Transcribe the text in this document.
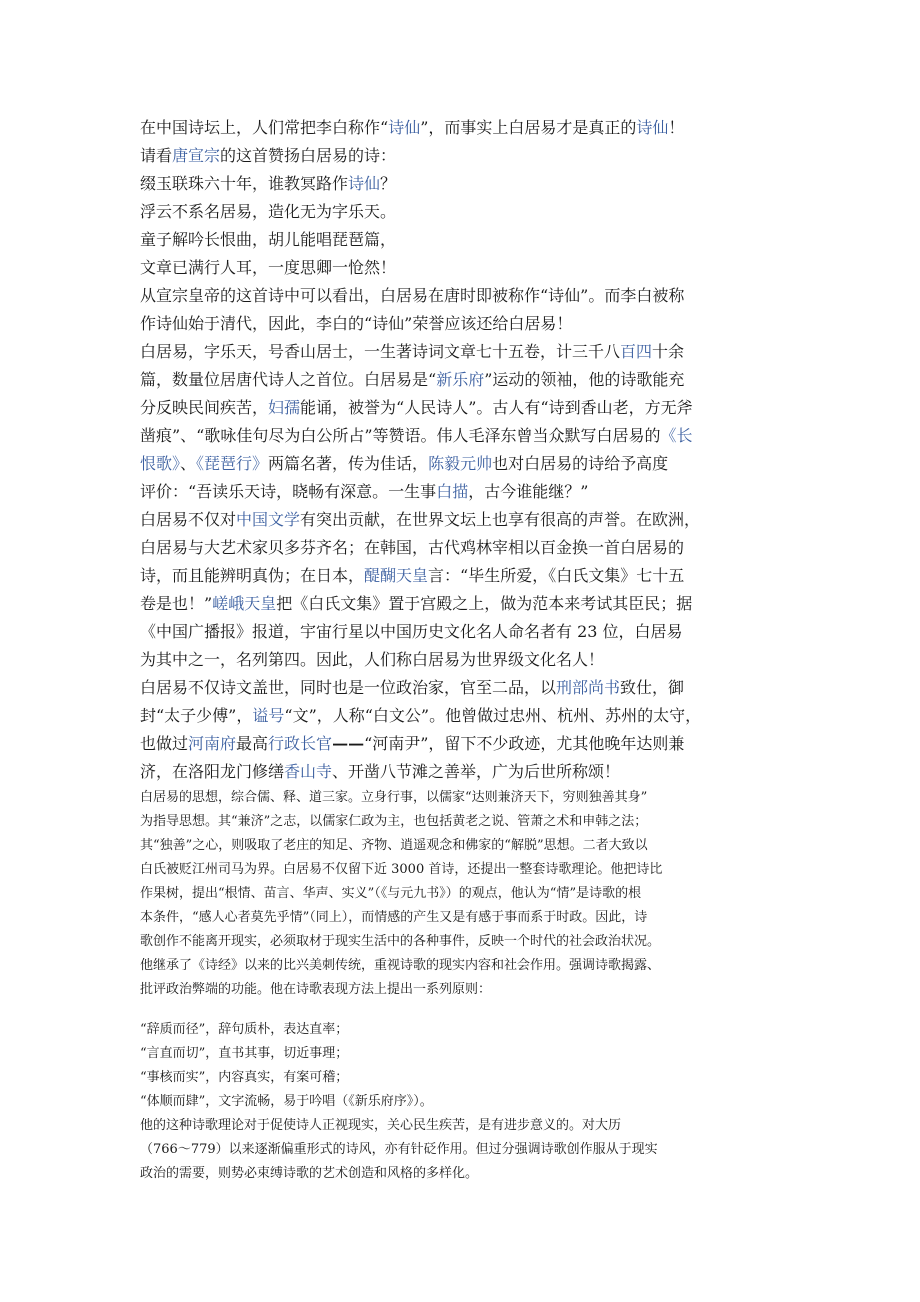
在中国诗坛上，人们常把李白称作“诗仙”，而事实上白居易才是真正的诗仙！
请看唐宣宗的这首赞扬白居易的诗：
缀玉联珠六十年，谁教冥路作诗仙？
浮云不系名居易，造化无为字乐天。
童子解吟长恨曲，胡儿能唱琵琶篇，
文章已满行人耳，一度思卿一怆然！
从宣宗皇帝的这首诗中可以看出，白居易在唐时即被称作“诗仙”。而李白被称
作诗仙始于清代，因此，李白的“诗仙”荣誉应该还给白居易！
白居易，字乐天，号香山居士，一生著诗词文章七十五卷，计三千八百四十余
篇，数量位居唐代诗人之首位。白居易是“新乐府”运动的领袖，他的诗歌能充
分反映民间疾苦，妇孺能诵，被誉为“人民诗人”。古人有“诗到香山老，方无斧
凿痕”、“歌咏佳句尽为白公所占”等赞语。伟人毛泽东曾当众默写白居易的《长
恨歌》、《琵琶行》两篇名著，传为佳话，陈毅元帅也对白居易的诗给予高度
评价：“吾读乐天诗，晓畅有深意。一生事白描，古今谁能继？”
白居易不仅对中国文学有突出贡献，在世界文坛上也享有很高的声誉。在欧洲，
白居易与大艺术家贝多芬齐名；在韩国，古代鸡林宰相以百金换一首白居易的
诗，而且能辨明真伪；在日本，醍醐天皇言：“毕生所爱，《白氏文集》七十五
卷是也！”嵯峨天皇把《白氏文集》置于宫殿之上，做为范本来考试其臣民；据
《中国广播报》报道，宇宙行星以中国历史文化名人命名者有 23 位，白居易
为其中之一，名列第四。因此，人们称白居易为世界级文化名人！
白居易不仅诗文盖世，同时也是一位政治家，官至二品，以刑部尚书致仕，御
封“太子少傅”，谥号“文”，人称“白文公”。他曾做过忠州、杭州、苏州的太守，
也做过河南府最高行政长官——“河南尹”，留下不少政迹，尤其他晚年达则兼
济，在洛阳龙门修缮香山寺、开凿八节滩之善举，广为后世所称颂！
白居易的思想，综合儒、释、道三家。立身行事，以儒家“达则兼济天下，穷则独善其身”
为指导思想。其“兼济”之志，以儒家仁政为主，也包括黄老之说、管萧之术和申韩之法；
其“独善”之心，则吸取了老庄的知足、齐物、逍遥观念和佛家的“解脱”思想。二者大致以
白氏被贬江州司马为界。白居易不仅留下近 3000 首诗，还提出一整套诗歌理论。他把诗比
作果树，提出“根情、苗言、华声、实义”（《与元九书》）的观点，他认为“情”是诗歌的根
本条件，“感人心者莫先乎情”（同上），而情感的产生又是有感于事而系于时政。因此，诗
歌创作不能离开现实，必须取材于现实生活中的各种事件，反映一个时代的社会政治状况。
他继承了《诗经》以来的比兴美刺传统，重视诗歌的现实内容和社会作用。强调诗歌揭露、
批评政治弊端的功能。他在诗歌表现方法上提出一系列原则：
“辞质而径”，辞句质朴，表达直率；
“言直而切”，直书其事，切近事理；
“事核而实”，内容真实，有案可稽；
“体顺而肆”，文字流畅，易于吟唱（《新乐府序》）。
他的这种诗歌理论对于促使诗人正视现实，关心民生疾苦，是有进步意义的。对大历
（766～779）以来逐渐偏重形式的诗风，亦有针砭作用。但过分强调诗歌创作服从于现实
政治的需要，则势必束缚诗歌的艺术创造和风格的多样化。
